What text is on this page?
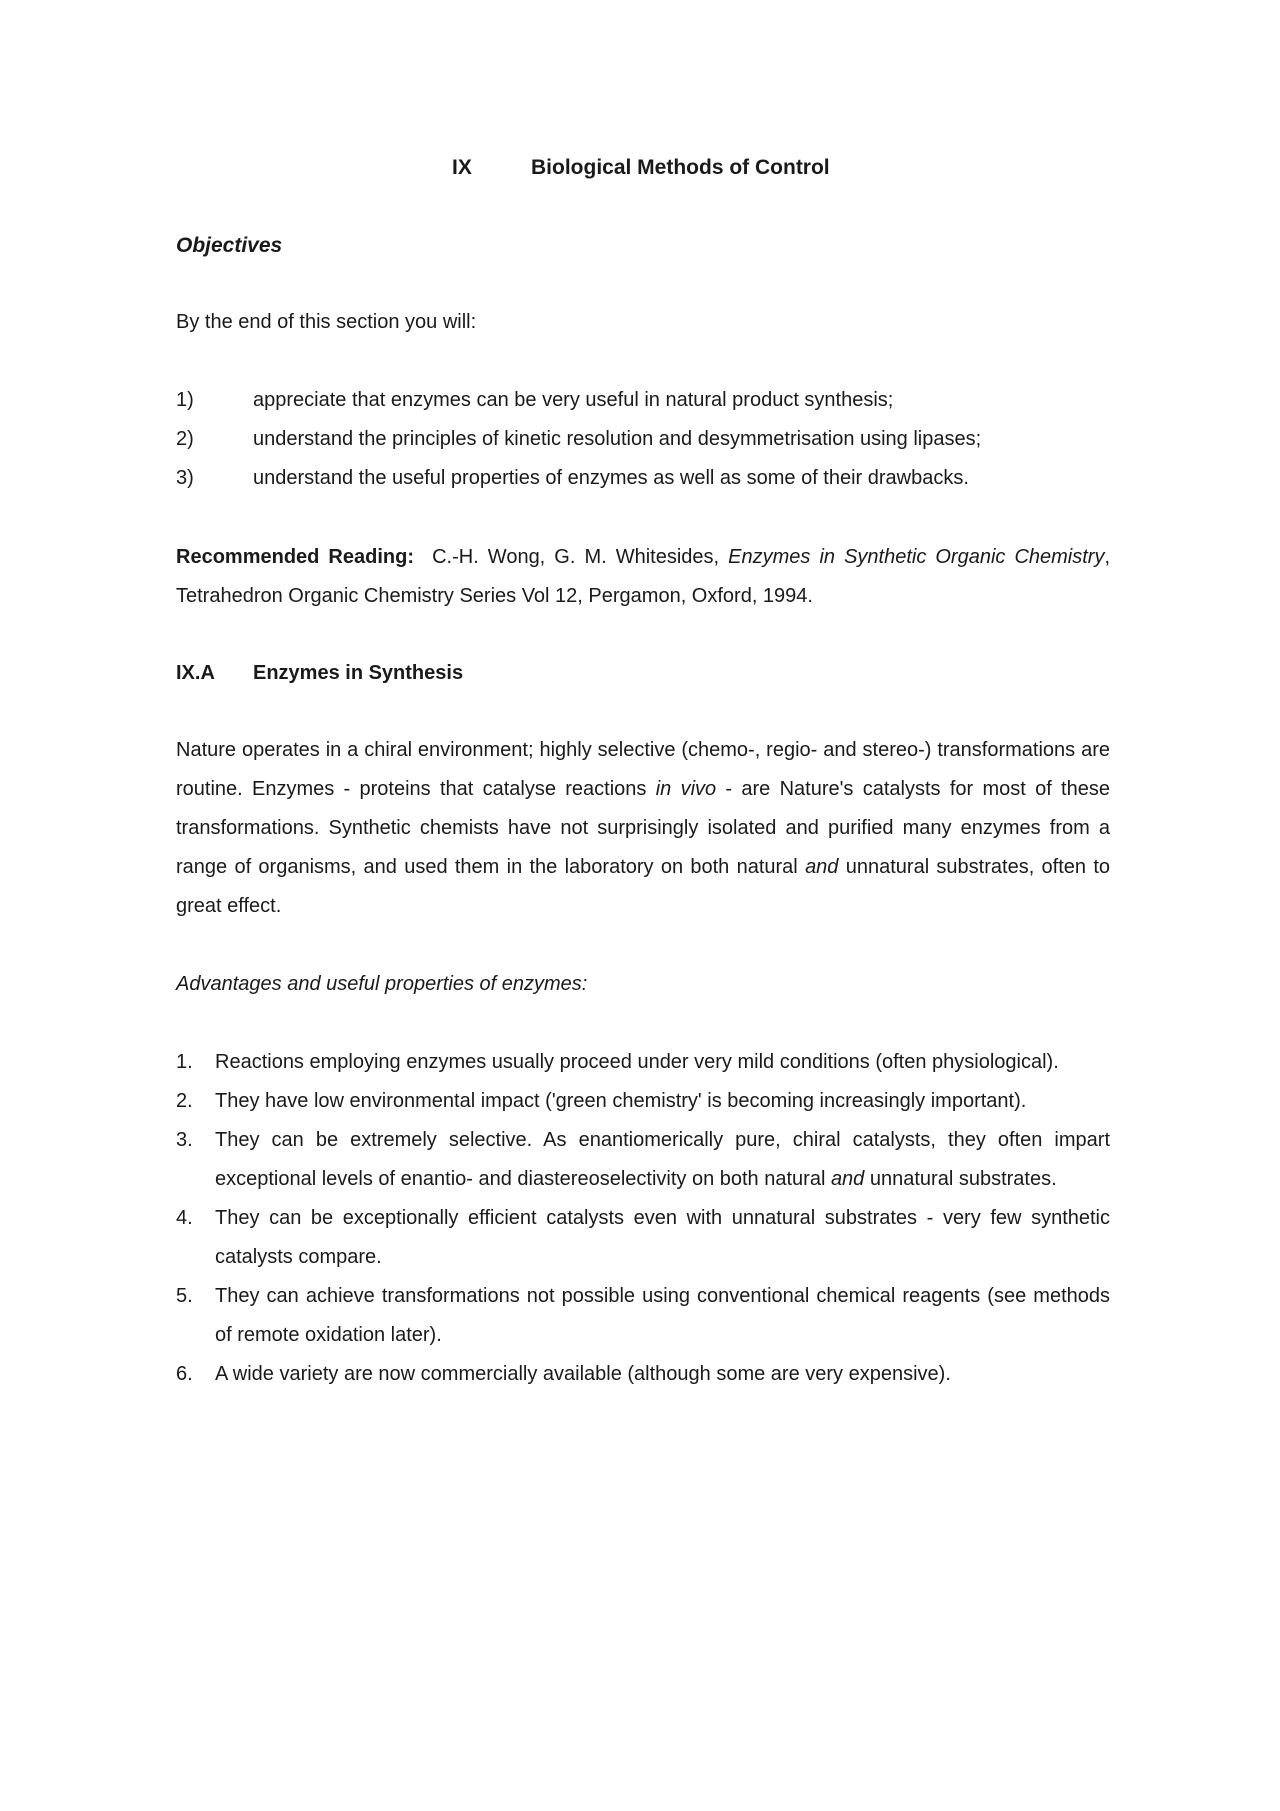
IX	Biological Methods of Control
Objectives
By the end of this section you will:
1)	appreciate that enzymes can be very useful in natural product synthesis;
2)	understand the principles of kinetic resolution and desymmetrisation using lipases;
3)	understand the useful properties of enzymes as well as some of their drawbacks.
Recommended Reading: C.-H. Wong, G. M. Whitesides, Enzymes in Synthetic Organic Chemistry, Tetrahedron Organic Chemistry Series Vol 12, Pergamon, Oxford, 1994.
IX.A Enzymes in Synthesis
Nature operates in a chiral environment; highly selective (chemo-, regio- and stereo-) transformations are routine. Enzymes - proteins that catalyse reactions in vivo - are Nature's catalysts for most of these transformations. Synthetic chemists have not surprisingly isolated and purified many enzymes from a range of organisms, and used them in the laboratory on both natural and unnatural substrates, often to great effect.
Advantages and useful properties of enzymes:
1.	Reactions employing enzymes usually proceed under very mild conditions (often physiological).
2.	They have low environmental impact ('green chemistry' is becoming increasingly important).
3.	They can be extremely selective. As enantiomerically pure, chiral catalysts, they often impart exceptional levels of enantio- and diastereoselectivity on both natural and unnatural substrates.
4.	They can be exceptionally efficient catalysts even with unnatural substrates - very few synthetic catalysts compare.
5.	They can achieve transformations not possible using conventional chemical reagents (see methods of remote oxidation later).
6.	A wide variety are now commercially available (although some are very expensive).
